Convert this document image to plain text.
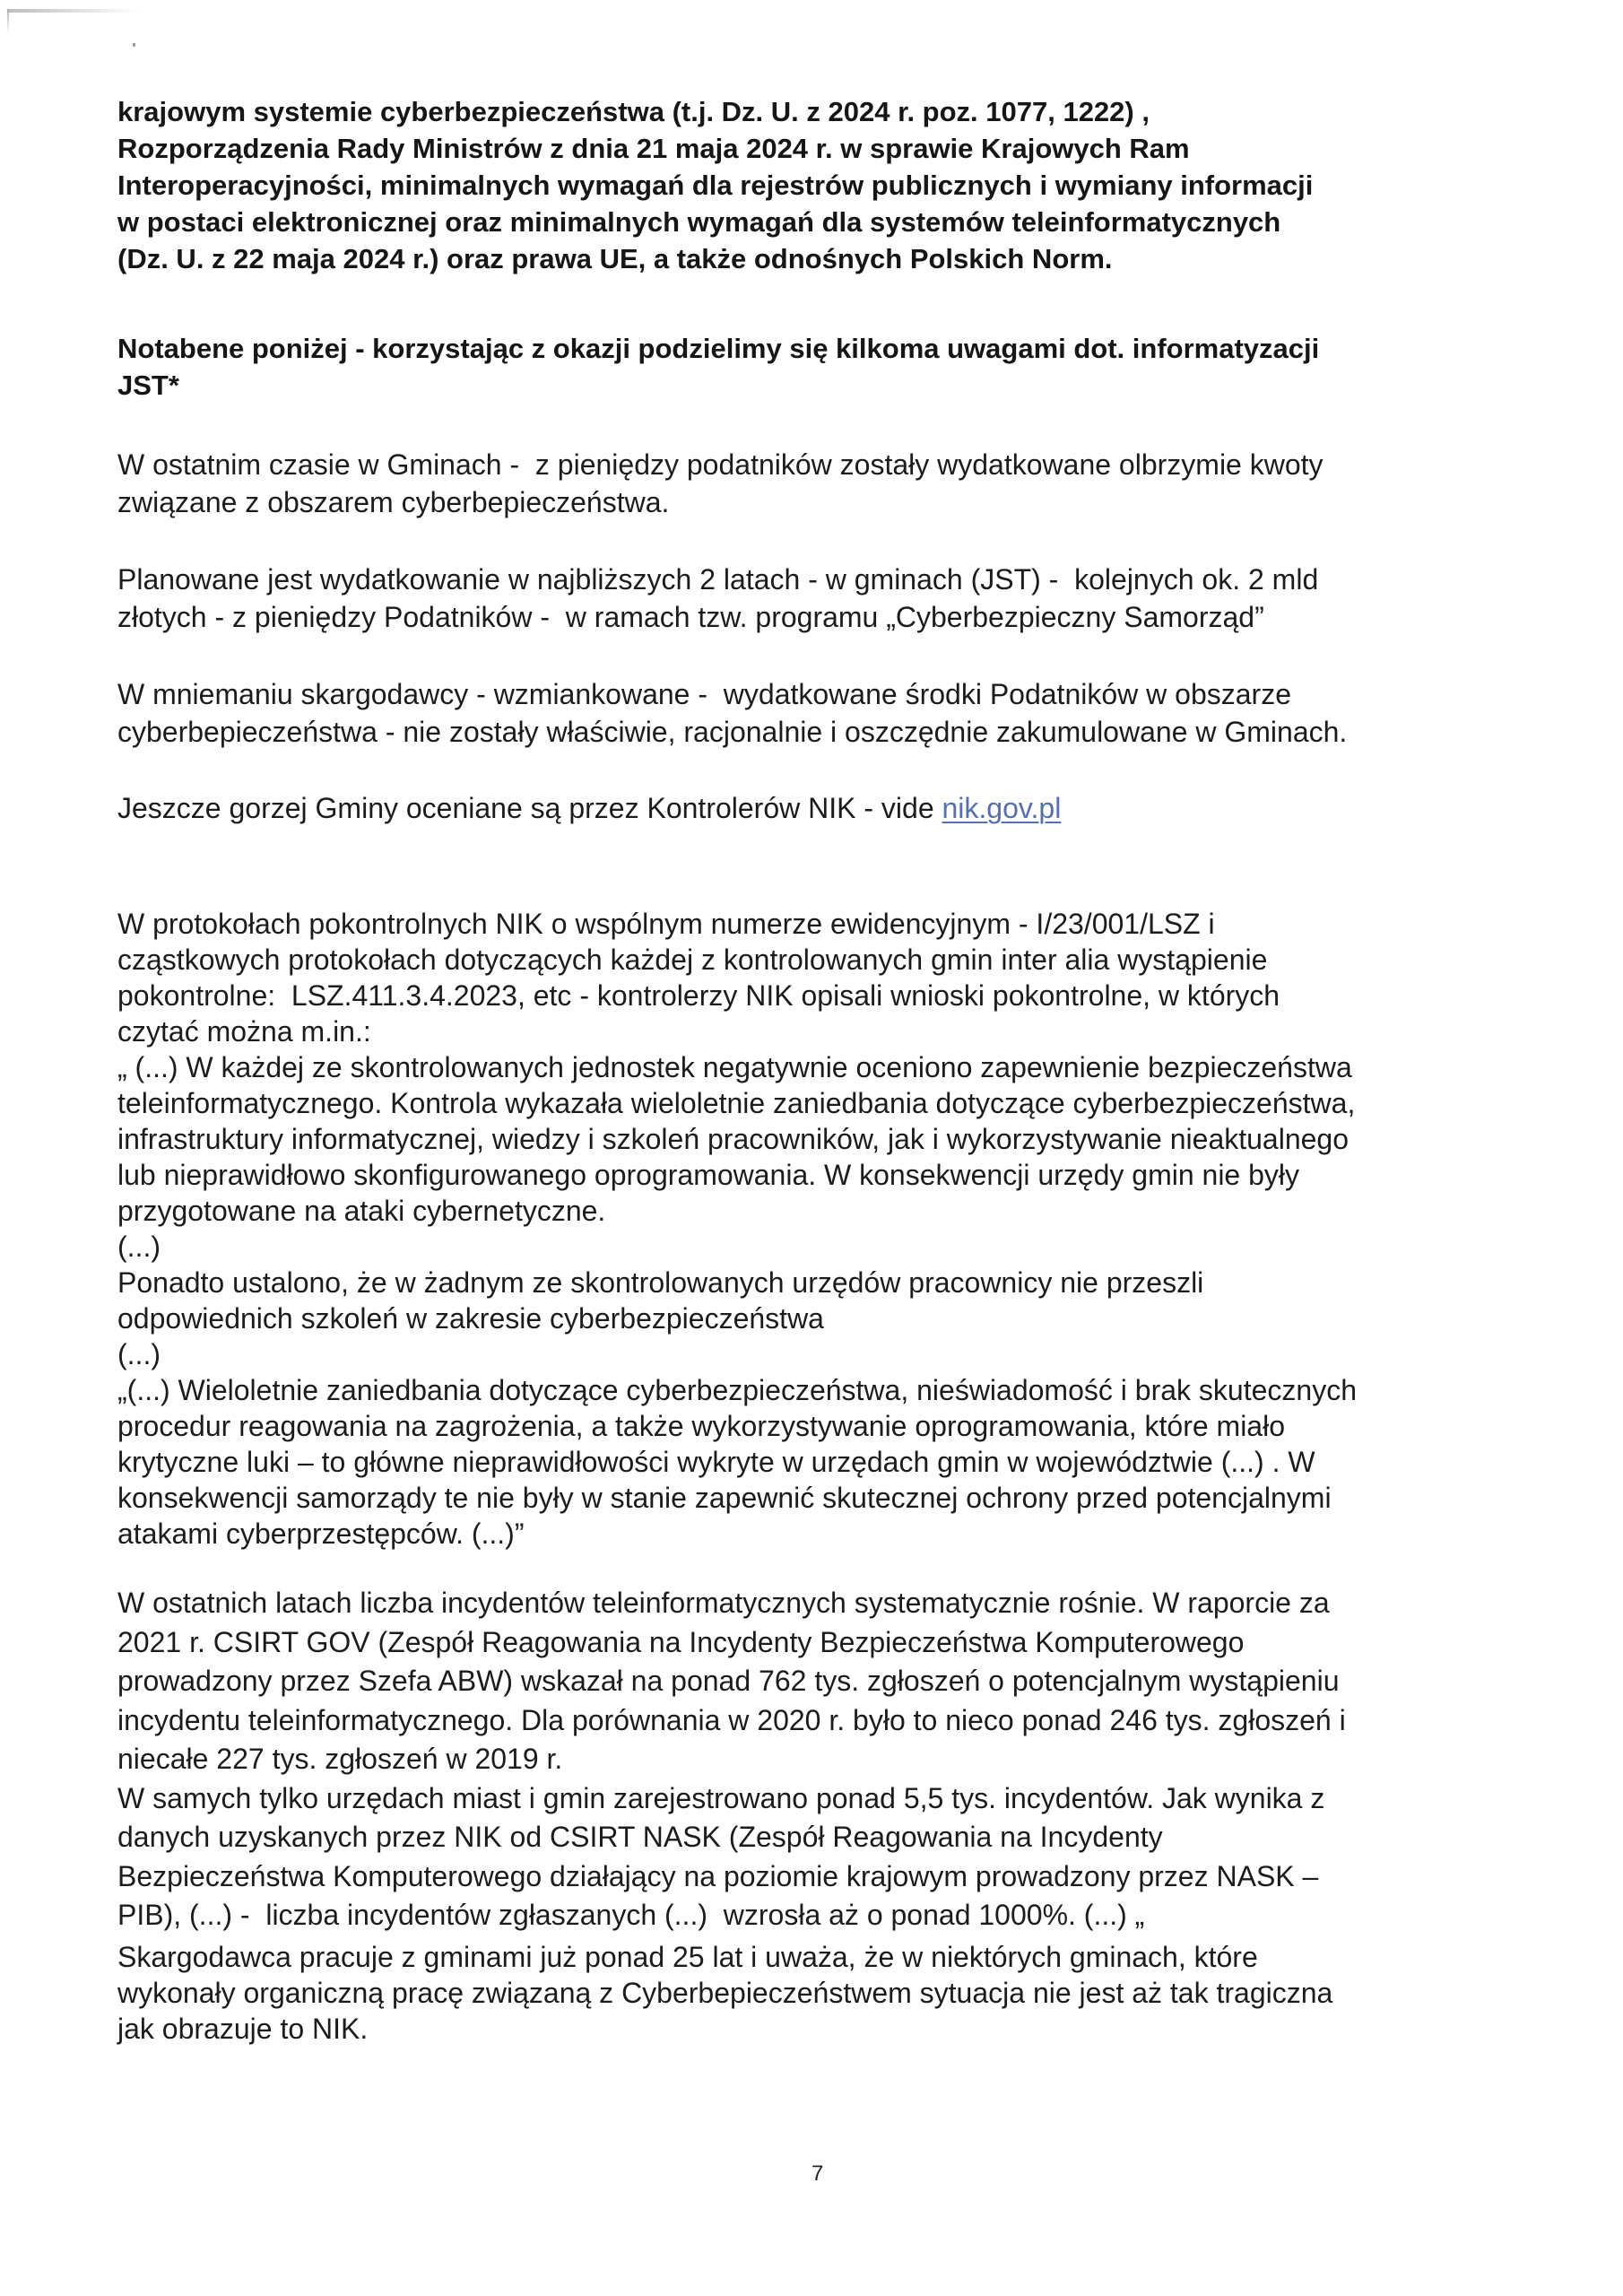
krajowym systemie cyberbezpieczeństwa (t.j. Dz. U. z 2024 r. poz. 1077, 1222) ,
Rozporządzenia Rady Ministrów z dnia 21 maja 2024 r. w sprawie Krajowych Ram
Interoperacyjności, minimalnych wymagań dla rejestrów publicznych i wymiany informacji
w postaci elektronicznej oraz minimalnych wymagań dla systemów teleinformatycznych
(Dz. U. z 22 maja 2024 r.) oraz prawa UE, a także odnośnych Polskich Norm.
Notabene poniżej - korzystając z okazji podzielimy się kilkoma uwagami dot. informatyzacji
JST*
W ostatnim czasie w Gminach -  z pieniędzy podatników zostały wydatkowane olbrzymie kwoty
związane z obszarem cyberbepieczeństwa.
Planowane jest wydatkowanie w najbliższych 2 latach - w gminach (JST) -  kolejnych ok. 2 mld
złotych - z pieniędzy Podatników -  w ramach tzw. programu „Cyberbezpieczny Samorząd”
W mniemaniu skargodawcy - wzmiankowane -  wydatkowane środki Podatników w obszarze
cyberbepieczeństwa - nie zostały właściwie, racjonalnie i oszczędnie zakumulowane w Gminach.
Jeszcze gorzej Gminy oceniane są przez Kontrolerów NIK - vide nik.gov.pl
W protokołach pokontrolnych NIK o wspólnym numerze ewidencyjnym - I/23/001/LSZ i
cząstkowych protokołach dotyczących każdej z kontrolowanych gmin inter alia wystąpienie
pokontrolne:  LSZ.411.3.4.2023, etc - kontrolerzy NIK opisali wnioski pokontrolne, w których
czytać można m.in.:
„ (...) W każdej ze skontrolowanych jednostek negatywnie oceniono zapewnienie bezpieczeństwa
teleinformatycznego. Kontrola wykazała wieloletnie zaniedbania dotyczące cyberbezpieczeństwa,
infrastruktury informatycznej, wiedzy i szkoleń pracowników, jak i wykorzystywanie nieaktualnego
lub nieprawidłowo skonfigurowanego oprogramowania. W konsekwencji urzędy gmin nie były
przygotowane na ataki cybernetyczne.
(...)
Ponadto ustalono, że w żadnym ze skontrolowanych urzędów pracownicy nie przeszli
odpowiednich szkoleń w zakresie cyberbezpieczeństwa
(...)
„(...) Wieloletnie zaniedbania dotyczące cyberbezpieczeństwa, nieświadomość i brak skutecznych
procedur reagowania na zagrożenia, a także wykorzystywanie oprogramowania, które miało
krytyczne luki – to główne nieprawidłowości wykryte w urzędach gmin w województwie (...) . W
konsekwencji samorządy te nie były w stanie zapewnić skutecznej ochrony przed potencjalnymi
atakami cyberprzestępców. (...)”
W ostatnich latach liczba incydentów teleinformatycznych systematycznie rośnie. W raporcie za
2021 r. CSIRT GOV (Zespół Reagowania na Incydenty Bezpieczeństwa Komputerowego
prowadzony przez Szefa ABW) wskazał na ponad 762 tys. zgłoszeń o potencjalnym wystąpieniu
incydentu teleinformatycznego. Dla porównania w 2020 r. było to nieco ponad 246 tys. zgłoszeń i
niecałe 227 tys. zgłoszeń w 2019 r.
W samych tylko urzędach miast i gmin zarejestrowano ponad 5,5 tys. incydentów. Jak wynika z
danych uzyskanych przez NIK od CSIRT NASK (Zespół Reagowania na Incydenty
Bezpieczeństwa Komputerowego działający na poziomie krajowym prowadzony przez NASK –
PIB), (...) -  liczba incydentów zgłaszanych (...)  wzrosła aż o ponad 1000%. (...) „
Skargodawca pracuje z gminami już ponad 25 lat i uważa, że w niektórych gminach, które
wykonały organiczną pracę związaną z Cyberbepieczeństwem sytuacja nie jest aż tak tragiczna
jak obrazuje to NIK.
7
